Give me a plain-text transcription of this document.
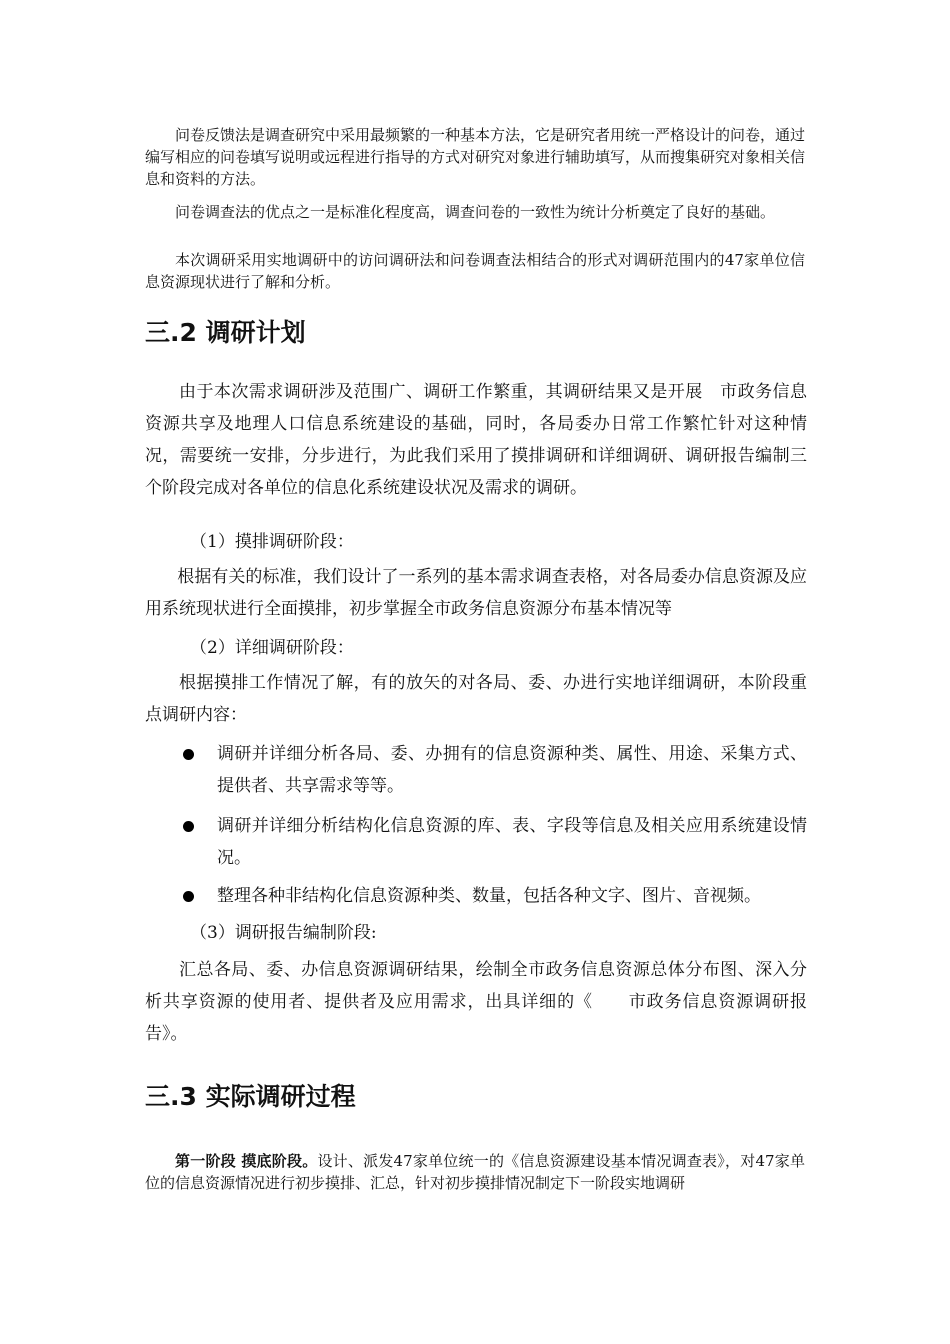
问卷反馈法是调查研究中采用最频繁的一种基本方法，它是研究者用统一严格设计的问卷，通过编写相应的问卷填写说明或远程进行指导的方式对研究对象进行辅助填写，从而搜集研究对象相关信息和资料的方法。

问卷调查法的优点之一是标准化程度高，调查问卷的一致性为统计分析奠定了良好的基础。

本次调研采用实地调研中的访问调研法和问卷调查法相结合的形式对调研范围内的47家单位信息资源现状进行了解和分析。

三.2 调研计划

由于本次需求调研涉及范围广、调研工作繁重，其调研结果又是开展　市政务信息资源共享及地理人口信息系统建设的基础，同时，各局委办日常工作繁忙针对这种情况，需要统一安排，分步进行，为此我们采用了摸排调研和详细调研、调研报告编制三个阶段完成对各单位的信息化系统建设状况及需求的调研。

（1）摸排调研阶段：

根据有关的标准，我们设计了一系列的基本需求调查表格，对各局委办信息资源及应用系统现状进行全面摸排，初步掌握全市政务信息资源分布基本情况等

（2）详细调研阶段：

根据摸排工作情况了解，有的放矢的对各局、委、办进行实地详细调研，本阶段重点调研内容：

调研并详细分析各局、委、办拥有的信息资源种类、属性、用途、采集方式、提供者、共享需求等等。
调研并详细分析结构化信息资源的库、表、字段等信息及相关应用系统建设情况。
整理各种非结构化信息资源种类、数量，包括各种文字、图片、音视频。

（3）调研报告编制阶段:

汇总各局、委、办信息资源调研结果，绘制全市政务信息资源总体分布图、深入分析共享资源的使用者、提供者及应用需求，出具详细的《　　市政务信息资源调研报告》。

三.3 实际调研过程

第一阶段 摸底阶段。设计、派发47家单位统一的《信息资源建设基本情况调查表》，对47家单位的信息资源情况进行初步摸排、汇总，针对初步摸排情况制定下一阶段实地调研
